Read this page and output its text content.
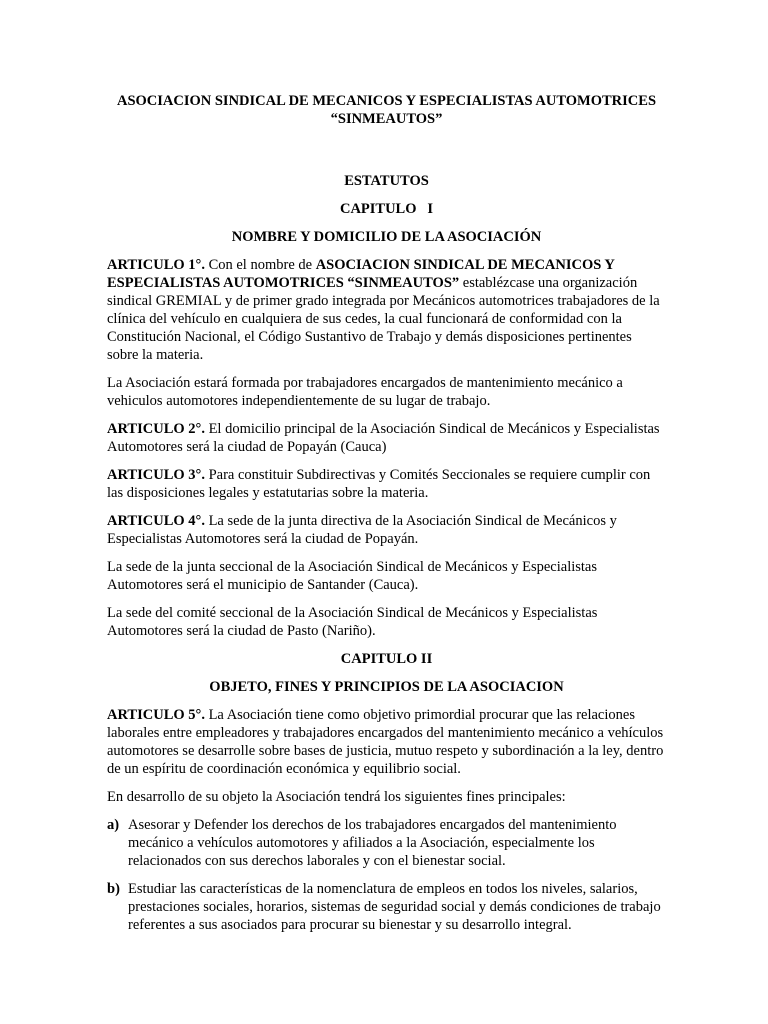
ASOCIACION SINDICAL DE MECANICOS Y ESPECIALISTAS AUTOMOTRICES
“SINMEAUTOS”
ESTATUTOS
CAPITULO   I
NOMBRE Y DOMICILIO DE LA ASOCIACIÓN

ARTICULO 1°. Con el nombre de ASOCIACION SINDICAL DE MECANICOS Y ESPECIALISTAS AUTOMOTRICES “SINMEAUTOS” establézcase una organización sindical GREMIAL y de primer grado integrada por Mecánicos automotrices trabajadores de la clínica del vehículo en cualquiera de sus cedes, la cual funcionará de conformidad con la Constitución Nacional, el Código Sustantivo de Trabajo y demás disposiciones pertinentes sobre la materia.

La Asociación estará formada por trabajadores encargados de mantenimiento mecánico a vehiculos automotores independientemente de su lugar de trabajo.

ARTICULO 2°. El domicilio principal de la Asociación Sindical de Mecánicos y Especialistas Automotores será la ciudad de Popayán (Cauca)

ARTICULO 3°. Para constituir Subdirectivas y Comités Seccionales se requiere cumplir con las disposiciones legales y estatutarias sobre la materia.

ARTICULO 4°. La sede de la junta directiva de la Asociación Sindical de Mecánicos y Especialistas Automotores será la ciudad de Popayán.

La sede de la junta seccional de la Asociación Sindical de Mecánicos y Especialistas Automotores será el municipio de Santander (Cauca).

La sede del comité seccional de la Asociación Sindical de Mecánicos y Especialistas Automotores será la ciudad de Pasto (Nariño).

CAPITULO II
OBJETO, FINES Y PRINCIPIOS DE LA ASOCIACION

ARTICULO 5°. La Asociación tiene como objetivo primordial procurar que las relaciones laborales entre empleadores y trabajadores encargados del mantenimiento mecánico a vehículos automotores se desarrolle sobre bases de justicia, mutuo respeto y subordinación a la ley, dentro de un espíritu de coordinación económica y equilibrio social.

En desarrollo de su objeto la Asociación tendrá los siguientes fines principales:

a) Asesorar y Defender los derechos de los trabajadores encargados del mantenimiento mecánico a vehículos automotores y afiliados a la Asociación, especialmente los relacionados con sus derechos laborales y con el bienestar social.
b) Estudiar las características de la nomenclatura de empleos en todos los niveles, salarios, prestaciones sociales, horarios, sistemas de seguridad social y demás condiciones de trabajo referentes a sus asociados para procurar su bienestar y su desarrollo integral.
